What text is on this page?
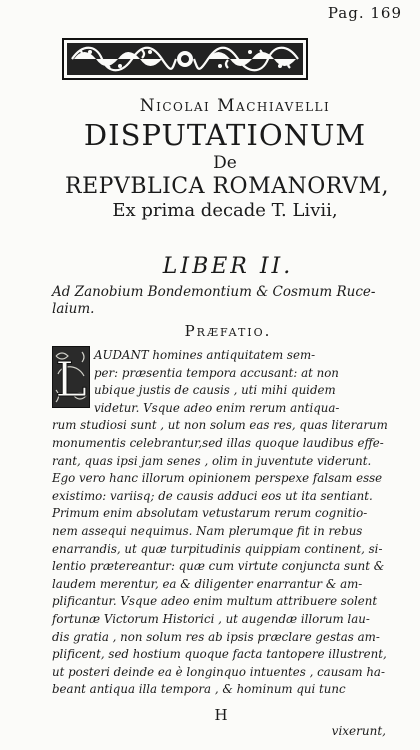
Pag. 169
Nicolai Machiavelli
DISPUTATIONUM
De
REPVBLICA ROMANORVM,
Ex prima decade T. Livii,
LIBER II.
Ad Zanobium Bondemontium & Cosmum Ruce-
laium.
Præfatio.
L AUDANT homines antiquitatem sem-
per: præsentia tempora accusant: at non
ubique justis de causis , uti mihi quidem
videtur. Vsque adeo enim rerum antiqua-
rum studiosi sunt , ut non solum eas res, quas literarum
monumentis celebrantur,sed illas quoque laudibus effe-
rant, quas ipsi jam senes , olim in juventute viderunt.
Ego vero hanc illorum opinionem perspexe falsam esse
existimo: variisq; de causis adduci eos ut ita sentiant.
Primum enim absolutam vetustarum rerum cognitio-
nem assequi nequimus. Nam plerumque fit in rebus
enarrandis, ut quæ turpitudinis quippiam continent, si-
lentio prætereantur: quæ cum virtute conjuncta sunt &
laudem merentur, ea & diligenter enarrantur & am-
plificantur. Vsque adeo enim multum attribuere solent
fortunæ Victorum Historici , ut augendæ illorum lau-
dis gratia , non solum res ab ipsis præclare gestas am-
plificent, sed hostium quoque facta tantopere illustrent,
ut posteri deinde ea è longinquo intuentes , causam ha-
beant antiqua illa tempora , & hominum qui tunc
H
vixerunt,
